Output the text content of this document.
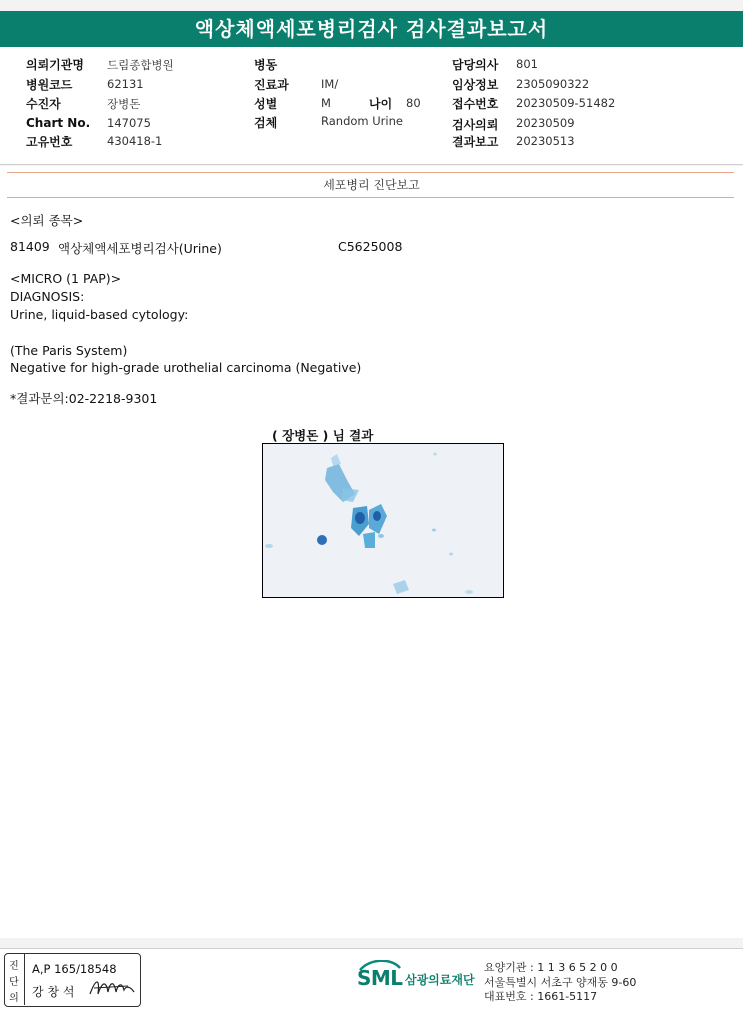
액상체액세포병리검사 검사결과보고서
의뢰기관명 드림종합병원
병원코드	62131
수진자	장병돈
Chart No. 147075
고유번호	430418-1
병동
진료과	IM/
성별	M	나이 80
검체	Random Urine
담당의사 801
임상정보 2305090322
접수번호 20230509-51482
검사의뢰 20230509
결과보고 20230513
세포병리 진단보고
<의뢰 종목>
81409 액상체액세포병리검사(Urine)	C5625008
<MICRO (1 PAP)>
DIAGNOSIS:
Urine, liquid-based cytology:
(The Paris System)
Negative for high-grade urothelial carcinoma (Negative)
*결과문의:02-2218-9301
( 장병돈 ) 님 결과
진
단
의
A,P 165/18548
강 창 석
SML 삼광의료재단
요양기관 : 1 1 3 6 5 2 0 0
서울특별시 서초구 양재동 9-60
대표번호 : 1661-5117
